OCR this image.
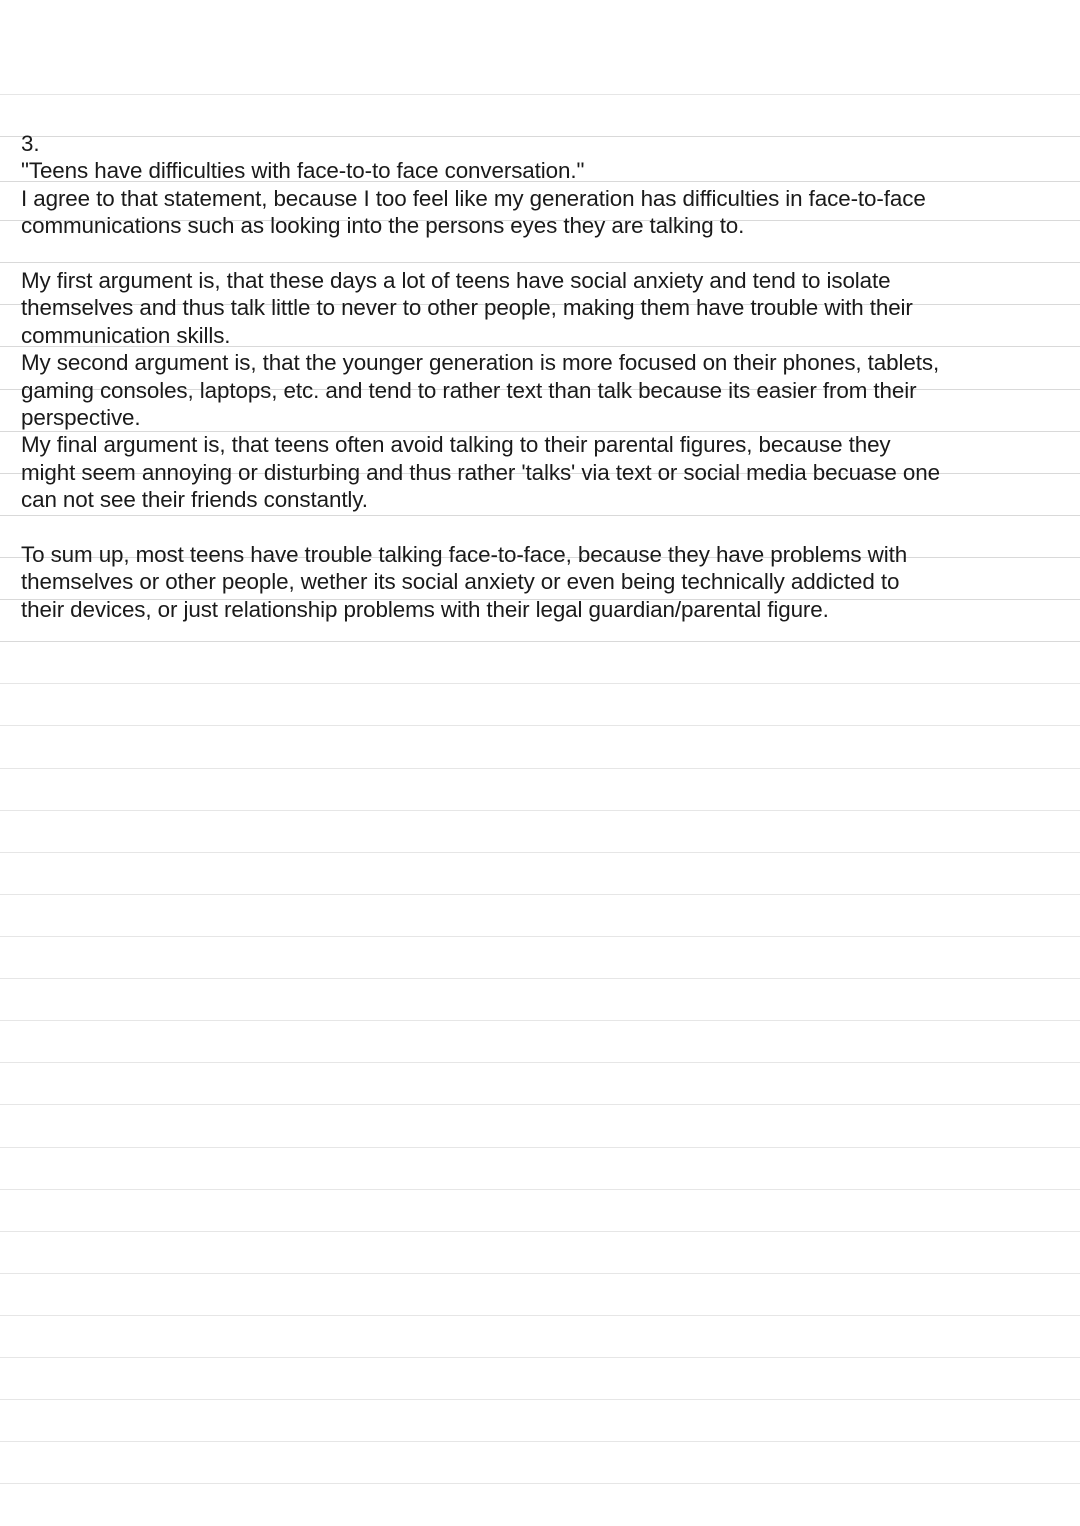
3.
"Teens have difficulties with face-to-to face conversation."
I agree to that statement, because I too feel like my generation has difficulties in face-to-face
communications such as looking into the persons eyes they are talking to.
My first argument is, that these days a lot of teens have social anxiety and tend to isolate
themselves and thus talk little to never to other people, making them have trouble with their
communication skills.
My second argument is, that the younger generation is more focused on their phones, tablets,
gaming consoles, laptops, etc. and tend to rather text than talk because its easier from their
perspective.
My final argument is, that teens often avoid talking to their parental figures, because they
might seem annoying or disturbing and thus rather 'talks' via text or social media becuase one
can not see their friends constantly.
To sum up, most teens have trouble talking face-to-face, because they have problems with
themselves or other people, wether its social anxiety or even being technically addicted to
their devices, or just relationship problems with their legal guardian/parental figure.
